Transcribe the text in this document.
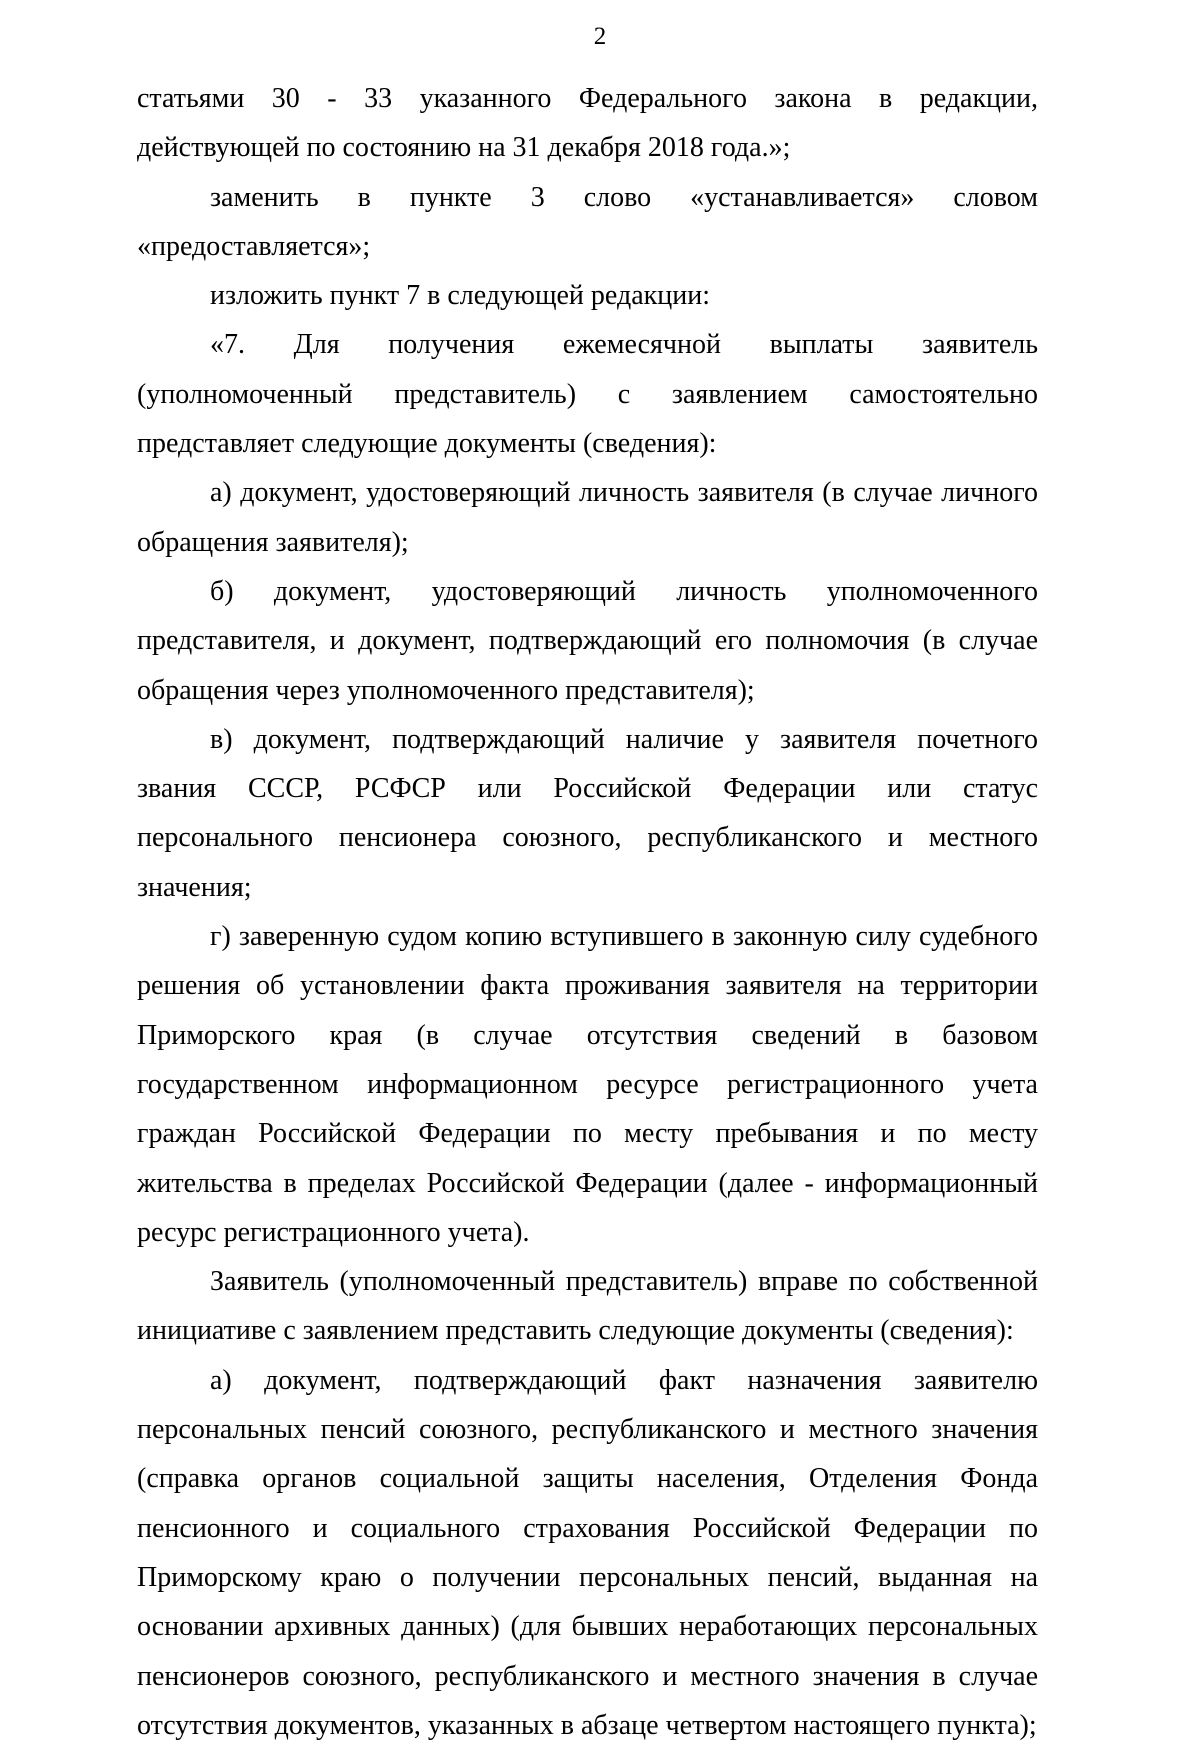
2

статьями 30 - 33 указанного Федерального закона в редакции, действующей по состоянию на 31 декабря 2018 года.»;

заменить в пункте 3 слово «устанавливается» словом «предоставляется»;

изложить пункт 7 в следующей редакции:

«7. Для получения ежемесячной выплаты заявитель (уполномоченный представитель) с заявлением самостоятельно представляет следующие документы (сведения):

а) документ, удостоверяющий личность заявителя (в случае личного обращения заявителя);

б) документ, удостоверяющий личность уполномоченного представителя, и документ, подтверждающий его полномочия (в случае обращения через уполномоченного представителя);

в) документ, подтверждающий наличие у заявителя почетного звания СССР, РСФСР или Российской Федерации или статус персонального пенсионера союзного, республиканского и местного значения;

г) заверенную судом копию вступившего в законную силу судебного решения об установлении факта проживания заявителя на территории Приморского края (в случае отсутствия сведений в базовом государственном информационном ресурсе регистрационного учета граждан Российской Федерации по месту пребывания и по месту жительства в пределах Российской Федерации (далее - информационный ресурс регистрационного учета).

Заявитель (уполномоченный представитель) вправе по собственной инициативе с заявлением представить следующие документы (сведения):

а) документ, подтверждающий факт назначения заявителю персональных пенсий союзного, республиканского и местного значения (справка органов социальной защиты населения, Отделения Фонда пенсионного и социального страхования Российской Федерации по Приморскому краю о получении персональных пенсий, выданная на основании архивных данных) (для бывших неработающих персональных пенсионеров союзного, республиканского и местного значения в случае отсутствия документов, указанных в абзаце четвертом настоящего пункта);
